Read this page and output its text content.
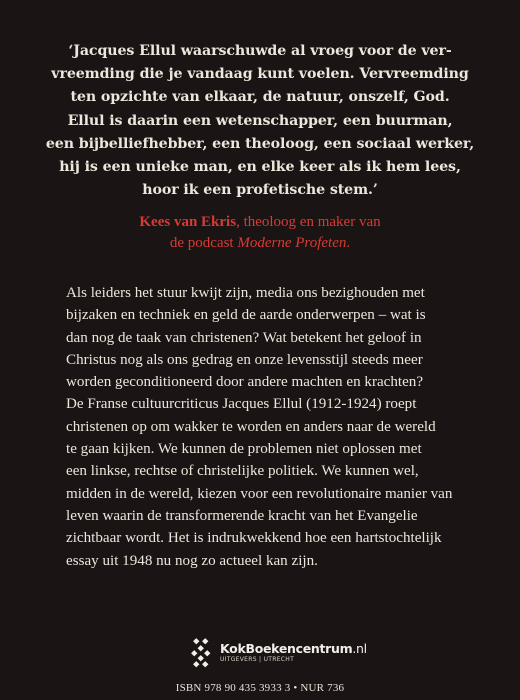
‘Jacques Ellul waarschuwde al vroeg voor de ver-
vreemding die je vandaag kunt voelen. Vervreemding
ten opzichte van elkaar, de natuur, onszelf, God.
Ellul is daarin een wetenschapper, een buurman,
een bijbelliefhebber, een theoloog, een sociaal werker,
hij is een unieke man, en elke keer als ik hem lees,
hoor ik een profetische stem.’
Kees van Ekris, theoloog en maker van
de podcast Moderne Profeten.
Als leiders het stuur kwijt zijn, media ons bezighouden met
bijzaken en techniek en geld de aarde onderwerpen – wat is
dan nog de taak van christenen? Wat betekent het geloof in
Christus nog als ons gedrag en onze levensstijl steeds meer
worden geconditioneerd door andere machten en krachten?
De Franse cultuurcriticus Jacques Ellul (1912-1924) roept
christenen op om wakker te worden en anders naar de wereld
te gaan kijken. We kunnen de problemen niet oplossen met
een linkse, rechtse of christelijke politiek. We kunnen wel,
midden in de wereld, kiezen voor een revolutionaire manier van
leven waarin de transformerende kracht van het Evangelie
zichtbaar wordt. Het is indrukwekkend hoe een hartstochtelijk
essay uit 1948 nu nog zo actueel kan zijn.
KokBoekencentrum.nl
UITGEVERS | UTRECHT
ISBN 978 90 435 3933 3 • NUR 736
